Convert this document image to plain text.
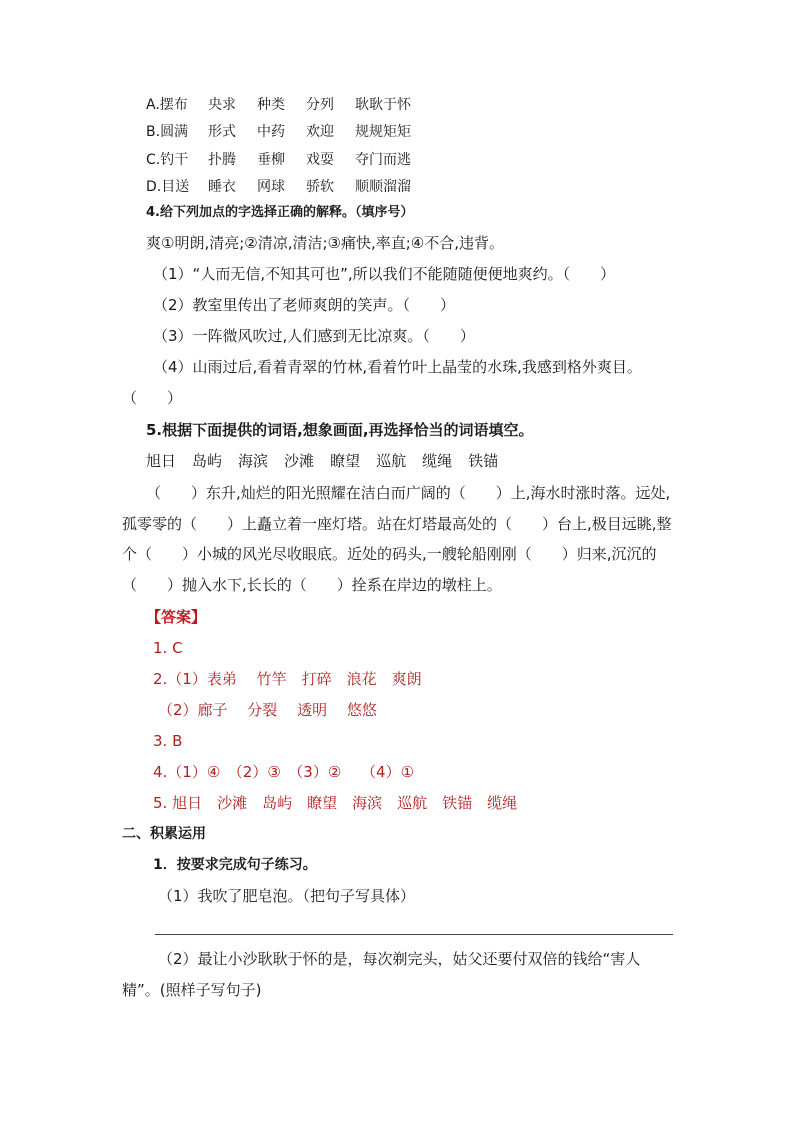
A.摆布 央求 种类 分列 耿耿于怀
B.圆满 形式 中药 欢迎 规规矩矩
C.钓干 扑腾 垂柳 戏耍 夺门而逃
D.目送 睡衣 网球 骄软 顺顺溜溜
4.给下列加点的字选择正确的解释。（填序号）
爽①明朗,清亮;②清凉,清洁;③痛快,率直;④不合,违背。
（1）“人而无信,不知其可也”,所以我们不能随随便便地爽约。（　　）
（2）教室里传出了老师爽朗的笑声。（　　）
（3）一阵微风吹过,人们感到无比凉爽。（　　）
（4）山雨过后,看着青翠的竹林,看着竹叶上晶莹的水珠,我感到格外爽目。
（　　）
5.根据下面提供的词语,想象画面,再选择恰当的词语填空。
旭日 岛屿 海滨 沙滩 瞭望 巡航 缆绳 铁锚
（　　）东升,灿烂的阳光照耀在洁白而广阔的（　　）上,海水时涨时落。远处,
孤零零的（　　）上矗立着一座灯塔。站在灯塔最高处的（　　）台上,极目远眺,整
个（　　）小城的风光尽收眼底。近处的码头,一艘轮船刚刚（　　）归来,沉沉的
（　　）抛入水下,长长的（　　）拴系在岸边的墩柱上。
【答案】
1. C
2.（1）表弟　 竹竿　打碎　浪花　爽朗
（2）廊子　 分裂　 透明　 悠悠
3. B
4.（1）④　（2）③　（3）②　 （4）①
5. 旭日　沙滩　岛屿　瞭望　海滨　巡航　铁锚　缆绳
二、积累运用
1．按要求完成句子练习。
（1）我吹了肥皂泡。（把句子写具体）
（2）最让小沙耿耿于怀的是，每次剃完头，姑父还要付双倍的钱给“害人
精”。(照样子写句子)
